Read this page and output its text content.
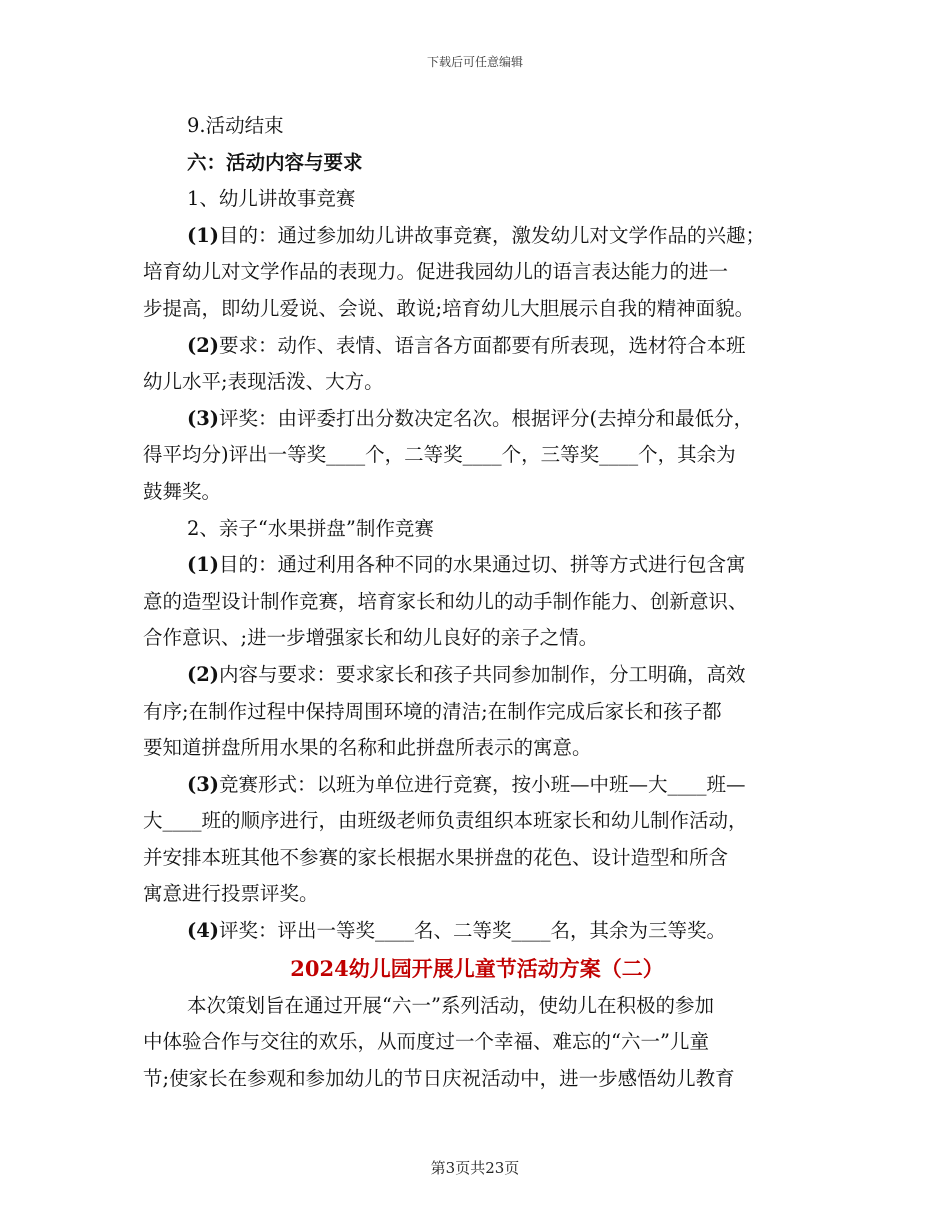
下载后可任意编辑
9.活动结束
六：活动内容与要求
1、幼儿讲故事竞赛
(1)目的：通过参加幼儿讲故事竞赛，激发幼儿对文学作品的兴趣；
培育幼儿对文学作品的表现力。促进我园幼儿的语言表达能力的进一
步提高，即幼儿爱说、会说、敢说;培育幼儿大胆展示自我的精神面貌。
(2)要求：动作、表情、语言各方面都要有所表现，选材符合本班
幼儿水平;表现活泼、大方。
(3)评奖：由评委打出分数决定名次。根据评分(去掉分和最低分，
得平均分)评出一等奖____个，二等奖____个，三等奖____个，其余为
鼓舞奖。
2、亲子“水果拼盘”制作竞赛
(1)目的：通过利用各种不同的水果通过切、拼等方式进行包含寓
意的造型设计制作竞赛，培育家长和幼儿的动手制作能力、创新意识、
合作意识、;进一步增强家长和幼儿良好的亲子之情。
(2)内容与要求：要求家长和孩子共同参加制作，分工明确，高效
有序;在制作过程中保持周围环境的清洁;在制作完成后家长和孩子都
要知道拼盘所用水果的名称和此拼盘所表示的寓意。
(3)竞赛形式：以班为单位进行竞赛，按小班—中班—大____班—
大____班的顺序进行，由班级老师负责组织本班家长和幼儿制作活动，
并安排本班其他不参赛的家长根据水果拼盘的花色、设计造型和所含
寓意进行投票评奖。
(4)评奖：评出一等奖____名、二等奖____名，其余为三等奖。
2024幼儿园开展儿童节活动方案（二）
本次策划旨在通过开展“六一”系列活动，使幼儿在积极的参加
中体验合作与交往的欢乐，从而度过一个幸福、难忘的“六一”儿童
节;使家长在参观和参加幼儿的节日庆祝活动中，进一步感悟幼儿教育
第3页共23页
